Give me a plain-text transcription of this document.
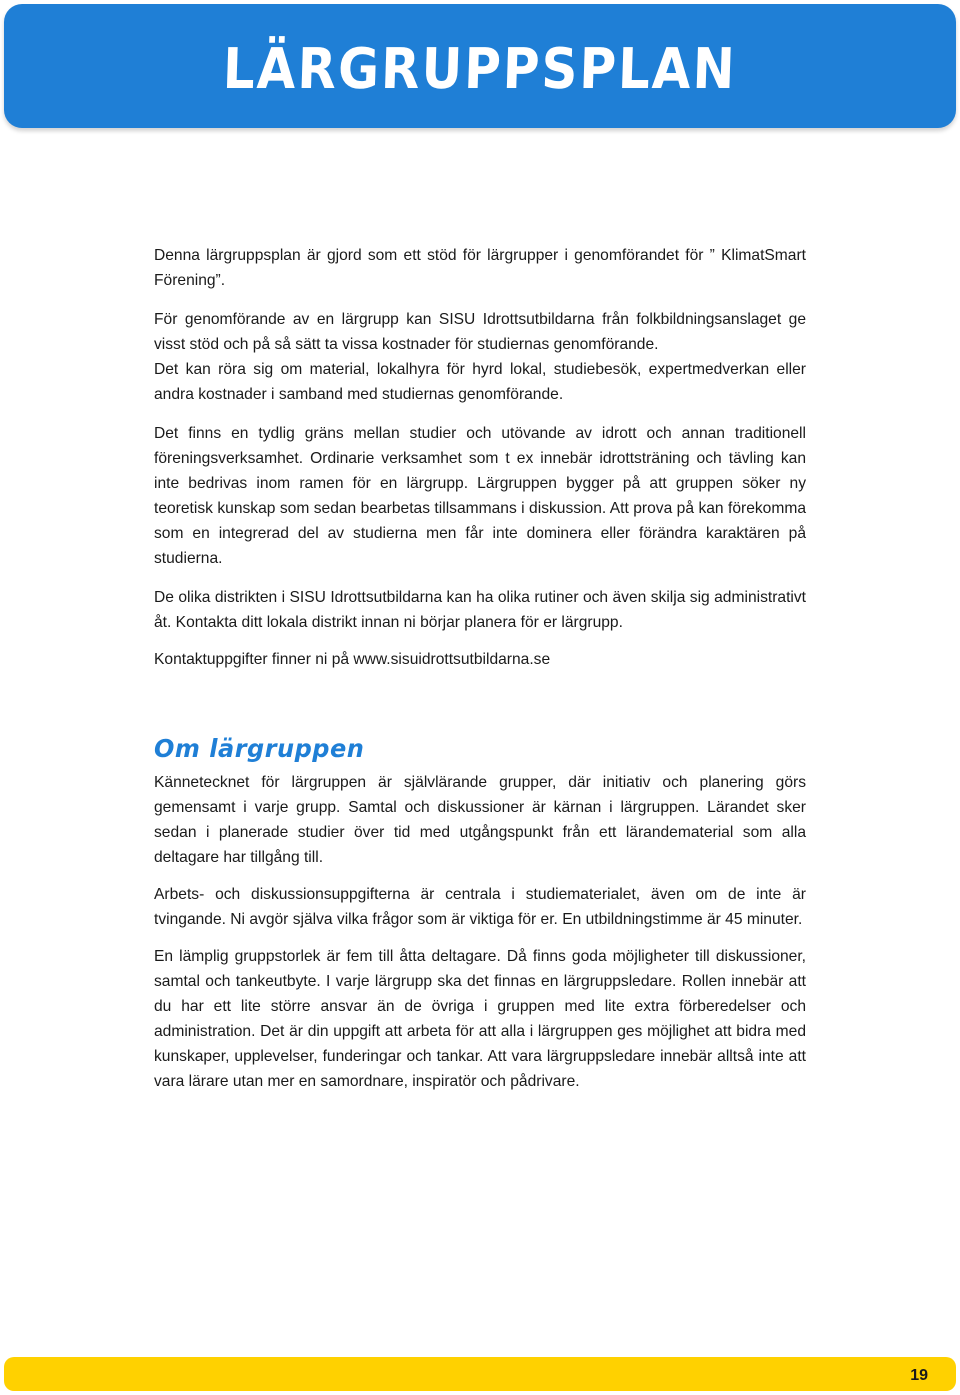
LÄRGRUPPSPLAN

Denna lärgruppsplan är gjord som ett stöd för lärgrupper i genomförandet för ” KlimatSmart Förening”.

För genomförande av en lärgrupp kan SISU Idrottsutbildarna från folkbildningsanslaget ge visst stöd och på så sätt ta vissa kostnader för studiernas genomförande.

Det kan röra sig om material, lokalhyra för hyrd lokal, studiebesök, expertmedverkan eller andra kostnader i samband med studiernas genomförande.

Det finns en tydlig gräns mellan studier och utövande av idrott och annan traditionell föreningsverksamhet. Ordinarie verksamhet som t ex innebär idrottsträning och tävling kan inte bedrivas inom ramen för en lärgrupp. Lärgruppen bygger på att gruppen söker ny teoretisk kunskap som sedan bearbetas tillsammans i diskussion. Att prova på kan förekomma som en integrerad del av studierna men får inte dominera eller förändra karaktären på studierna.

De olika distrikten i SISU Idrottsutbildarna kan ha olika rutiner och även skilja sig administrativt åt. Kontakta ditt lokala distrikt innan ni börjar planera för er lärgrupp.

Kontaktuppgifter finner ni på www.sisuidrottsutbildarna.se

Om lärgruppen

Kännetecknet för lärgruppen är självlärande grupper, där initiativ och planering görs gemensamt i varje grupp. Samtal och diskussioner är kärnan i lärgruppen. Lärandet sker sedan i planerade studier över tid med utgångspunkt från ett lärandematerial som alla deltagare har tillgång till.

Arbets- och diskussionsuppgifterna är centrala i studiematerialet, även om de inte är tvingande. Ni avgör själva vilka frågor som är viktiga för er. En utbildningstimme är 45 minuter.

En lämplig gruppstorlek är fem till åtta deltagare. Då finns goda möjligheter till diskussioner, samtal och tankeutbyte. I varje lärgrupp ska det finnas en lärgruppsledare. Rollen innebär att du har ett lite större ansvar än de övriga i gruppen med lite extra förberedelser och administration. Det är din uppgift att arbeta för att alla i lärgruppen ges möjlighet att bidra med kunskaper, upplevelser, funderingar och tankar. Att vara lärgruppsledare innebär alltså inte att vara lärare utan mer en samordnare, inspiratör och pådrivare.

19
